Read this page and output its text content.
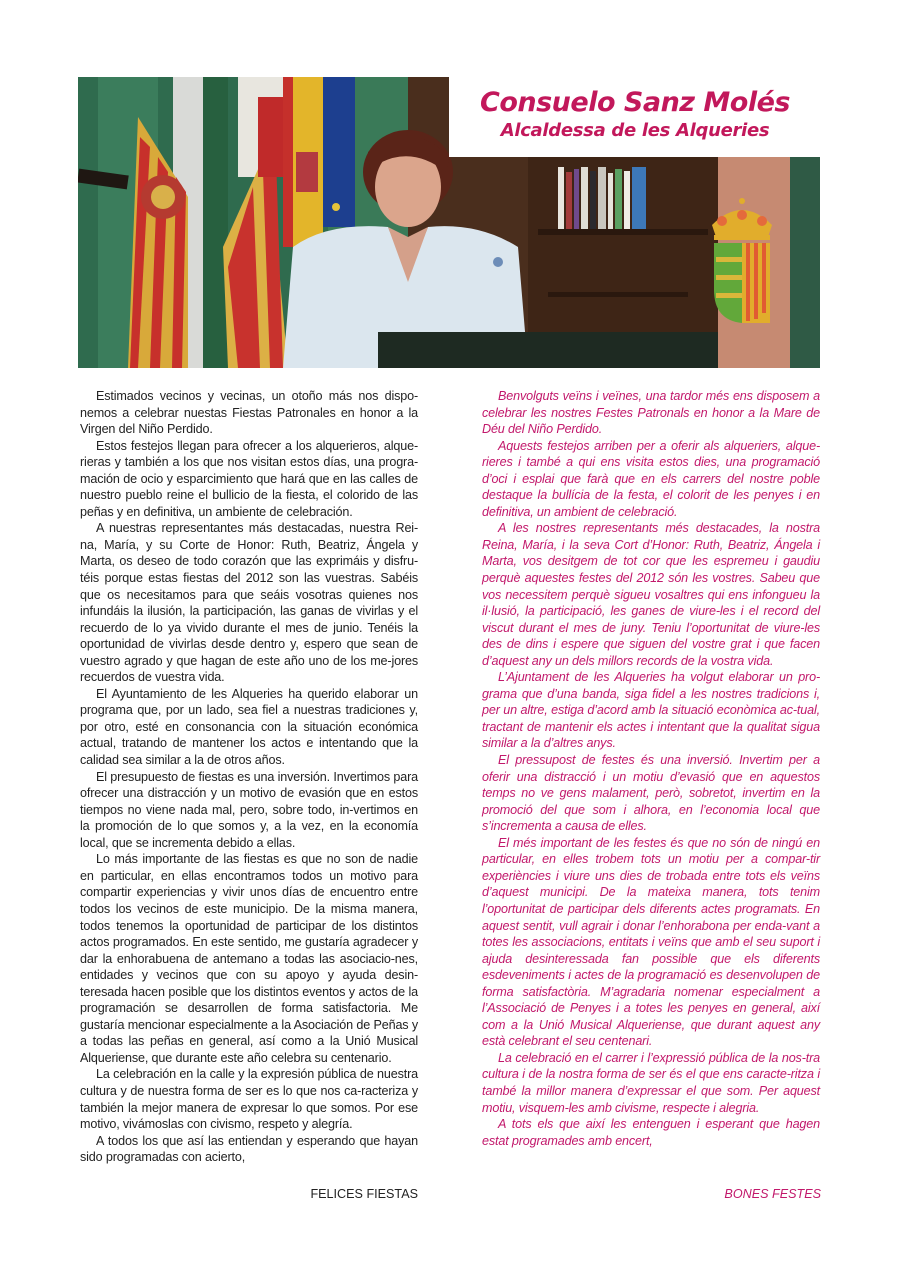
Consuelo Sanz Molés
Alcaldessa de les Alqueries

Estimados vecinos y vecinas, un otoño más nos dispo-nemos a celebrar nuestas Fiestas Patronales en honor a la Virgen del Niño Perdido.

Estos festejos llegan para ofrecer a los alquerieros, alque-rieras y también a los que nos visitan estos días, una progra-mación de ocio y esparcimiento que hará que en las calles de nuestro pueblo reine el bullicio de la fiesta, el colorido de las peñas y en definitiva, un ambiente de celebración.

A nuestras representantes más destacadas, nuestra Rei-na, María, y su Corte de Honor: Ruth, Beatriz, Ángela y Marta, os deseo de todo corazón que las exprimáis y disfru-téis porque estas fiestas del 2012 son las vuestras. Sabéis que os necesitamos para que seáis vosotras quienes nos infundáis la ilusión, la participación, las ganas de vivirlas y el recuerdo de lo ya vivido durante el mes de junio. Tenéis la oportunidad de vivirlas desde dentro y, espero que sean de vuestro agrado y que hagan de este año uno de los me-jores recuerdos de vuestra vida.

El Ayuntamiento de les Alqueries ha querido elaborar un programa que, por un lado, sea fiel a nuestras tradiciones y, por otro, esté en consonancia con la situación económica actual, tratando de mantener los actos e intentando que la calidad sea similar a la de otros años.

El presupuesto de fiestas es una inversión. Invertimos para ofrecer una distracción y un motivo de evasión que en estos tiempos no viene nada mal, pero, sobre todo, in-vertimos en la promoción de lo que somos y, a la vez, en la economía local, que se incrementa debido a ellas.

Lo más importante de las fiestas es que no son de nadie en particular, en ellas encontramos todos un motivo para compartir experiencias y vivir unos días de encuentro entre todos los vecinos de este municipio. De la misma manera, todos tenemos la oportunidad de participar de los distintos actos programados. En este sentido, me gustaría agradecer y dar la enhorabuena de antemano a todas las asociacio-nes, entidades y vecinos que con su apoyo y ayuda desin-teresada hacen posible que los distintos eventos y actos de la programación se desarrollen de forma satisfactoria. Me gustaría mencionar especialmente a la Asociación de Peñas y a todas las peñas en general, así como a la Unió Musical Alqueriense, que durante este año celebra su centenario.

La celebración en la calle y la expresión pública de nuestra cultura y de nuestra forma de ser es lo que nos ca-racteriza y también la mejor manera de expresar lo que somos. Por ese motivo, vivámoslas con civismo, respeto y alegría.

A todos los que así las entiendan y esperando que hayan sido programadas con acierto,

FELICES FIESTAS

Benvolguts veïns i veïnes, una tardor més ens disposem a celebrar les nostres Festes Patronals en honor a la Mare de Déu del Niño Perdido.

Aquests festejos arriben per a oferir als alqueriers, alque-rieres i també a qui ens visita estos dies, una programació d’oci i esplai que farà que en els carrers del nostre poble destaque la bullícia de la festa, el colorit de les penyes i en definitiva, un ambient de celebració.

A les nostres representants més destacades, la nostra Reina, María, i la seva Cort d’Honor: Ruth, Beatriz, Ángela i Marta, vos desitgem de tot cor que les espremeu i gaudiu perquè aquestes festes del 2012 són les vostres. Sabeu que vos necessitem perquè sigueu vosaltres qui ens infongueu la il·lusió, la participació, les ganes de viure-les i el record del viscut durant el mes de juny. Teniu l’oportunitat de viure-les des de dins i espere que siguen del vostre grat i que facen d’aquest any un dels millors records de la vostra vida.

L’Ajuntament de les Alqueries ha volgut elaborar un pro-grama que d’una banda, siga fidel a les nostres tradicions i, per un altre, estiga d’acord amb la situació econòmica ac-tual, tractant de mantenir els actes i intentant que la qualitat sigua similar a la d’altres anys.

El pressupost de festes és una inversió. Invertim per a oferir una distracció i un motiu d’evasió que en aquestos temps no ve gens malament, però, sobretot, invertim en la promoció del que som i alhora, en l’economia local que s’incrementa a causa de elles.

El més important de les festes és que no són de ningú en particular, en elles trobem tots un motiu per a compar-tir experiències i viure uns dies de trobada entre tots els veïns d’aquest municipi. De la mateixa manera, tots tenim l’oportunitat de participar dels diferents actes programats. En aquest sentit, vull agrair i donar l’enhorabona per enda-vant a totes les associacions, entitats i veïns que amb el seu suport i ajuda desinteressada fan possible que els diferents esdeveniments i actes de la programació es desenvolupen de forma satisfactòria. M’agradaria nomenar especialment a l’Associació de Penyes i a totes les penyes en general, així com a la Unió Musical Alqueriense, que durant aquest any està celebrant el seu centenari.

La celebració en el carrer i l’expressió pública de la nos-tra cultura i de la nostra forma de ser és el que ens caracte-ritza i també la millor manera d’expressar el que som. Per aquest motiu, visquem-les amb civisme, respecte i alegria.

A tots els que així les entenguen i esperant que hagen estat programades amb encert,

BONES FESTES
